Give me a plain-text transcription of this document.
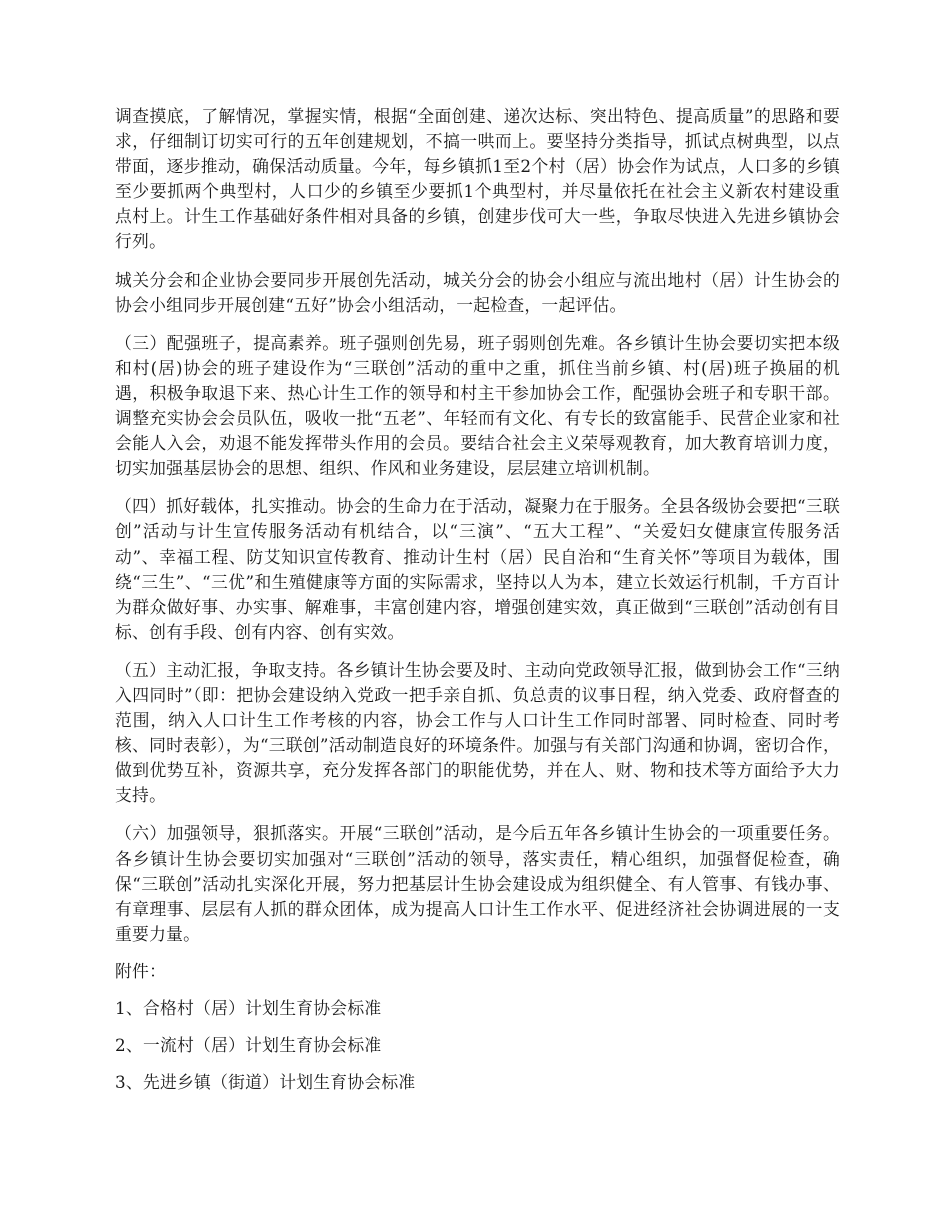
调查摸底，了解情况，掌握实情，根据“全面创建、递次达标、突出特色、提高质量”的思路和要求，仔细制订切实可行的五年创建规划，不搞一哄而上。要坚持分类指导，抓试点树典型，以点带面，逐步推动，确保活动质量。今年，每乡镇抓1至2个村（居）协会作为试点，人口多的乡镇至少要抓两个典型村，人口少的乡镇至少要抓1个典型村，并尽量依托在社会主义新农村建设重点村上。计生工作基础好条件相对具备的乡镇，创建步伐可大一些，争取尽快进入先进乡镇协会行列。

城关分会和企业协会要同步开展创先活动，城关分会的协会小组应与流出地村（居）计生协会的协会小组同步开展创建“五好”协会小组活动，一起检查，一起评估。

（三）配强班子，提高素养。班子强则创先易，班子弱则创先难。各乡镇计生协会要切实把本级和村(居)协会的班子建设作为“三联创”活动的重中之重，抓住当前乡镇、村(居)班子换届的机遇，积极争取退下来、热心计生工作的领导和村主干参加协会工作，配强协会班子和专职干部。调整充实协会会员队伍，吸收一批“五老”、年轻而有文化、有专长的致富能手、民营企业家和社会能人入会，劝退不能发挥带头作用的会员。要结合社会主义荣辱观教育，加大教育培训力度，切实加强基层协会的思想、组织、作风和业务建设，层层建立培训机制。

（四）抓好载体，扎实推动。协会的生命力在于活动，凝聚力在于服务。全县各级协会要把“三联创”活动与计生宣传服务活动有机结合，以“三演”、“五大工程”、“关爱妇女健康宣传服务活动”、幸福工程、防艾知识宣传教育、推动计生村（居）民自治和“生育关怀”等项目为载体，围绕“三生”、“三优”和生殖健康等方面的实际需求，坚持以人为本，建立长效运行机制，千方百计为群众做好事、办实事、解难事，丰富创建内容，增强创建实效，真正做到“三联创”活动创有目标、创有手段、创有内容、创有实效。

（五）主动汇报，争取支持。各乡镇计生协会要及时、主动向党政领导汇报，做到协会工作“三纳入四同时”（即：把协会建设纳入党政一把手亲自抓、负总责的议事日程，纳入党委、政府督查的范围，纳入人口计生工作考核的内容，协会工作与人口计生工作同时部署、同时检查、同时考核、同时表彰），为“三联创”活动制造良好的环境条件。加强与有关部门沟通和协调，密切合作，做到优势互补，资源共享，充分发挥各部门的职能优势，并在人、财、物和技术等方面给予大力支持。

（六）加强领导，狠抓落实。开展“三联创”活动，是今后五年各乡镇计生协会的一项重要任务。各乡镇计生协会要切实加强对“三联创”活动的领导，落实责任，精心组织，加强督促检查，确保“三联创”活动扎实深化开展，努力把基层计生协会建设成为组织健全、有人管事、有钱办事、有章理事、层层有人抓的群众团体，成为提高人口计生工作水平、促进经济社会协调进展的一支重要力量。

附件：

1、合格村（居）计划生育协会标准

2、一流村（居）计划生育协会标准

3、先进乡镇（街道）计划生育协会标准
